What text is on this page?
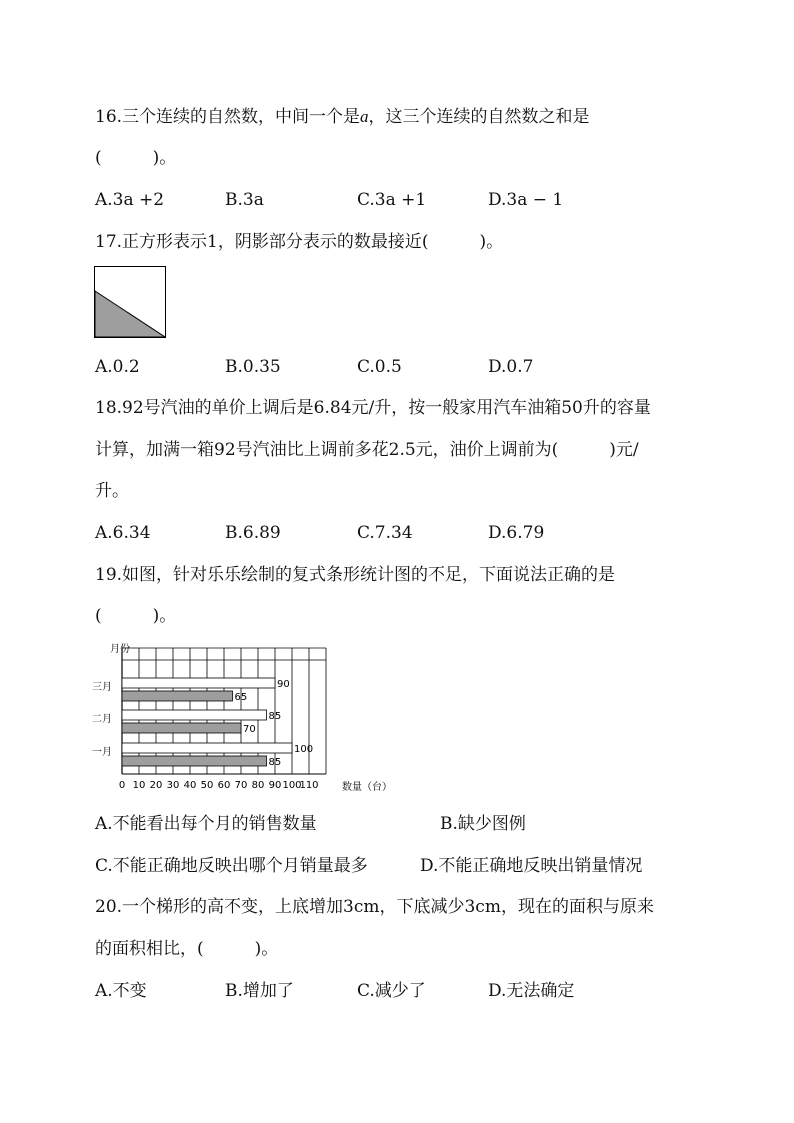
16.三个连续的自然数，中间一个是a，这三个连续的自然数之和是
(　　　)。
A.3a +2	B.3a	C.3a +1	D.3a − 1
17.正方形表示1，阴影部分表示的数最接近(　　　)。
A.0.2	B.0.35	C.0.5	D.0.7
18.92号汽油的单价上调后是6.84元/升，按一般家用汽车油箱50升的容量
计算，加满一箱92号汽油比上调前多花2.5元，油价上调前为(　　　)元/
升。
A.6.34	B.6.89	C.7.34	D.6.79
19.如图，针对乐乐绘制的复式条形统计图的不足，下面说法正确的是
(　　　)。
月份
数量（台）
0 10 20 30 40 50 60 70 80 90 100
110
三月	90
65
二月	85
70
一月	100
85
A.不能看出每个月的销售数量	B.缺少图例
C.不能正确地反映出哪个月销量最多	D.不能正确地反映出销量情况
20.一个梯形的高不变，上底增加3cm，下底减少3cm，现在的面积与原来
的面积相比，(　　　)。
A.不变	B.增加了	C.减少了	D.无法确定
